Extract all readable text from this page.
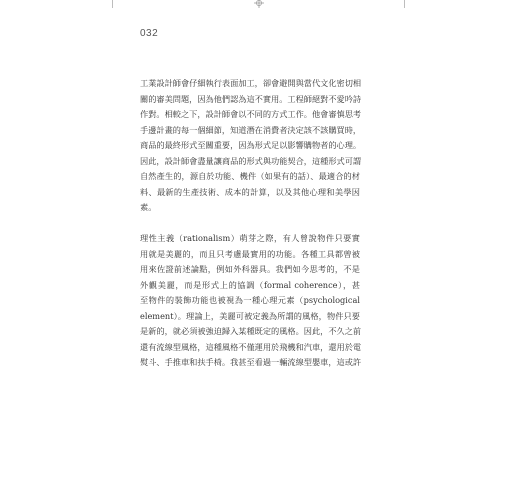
032
工業設計師會仔細執行表面加工，卻會避開與當代文化密切相
關的審美問題，因為他們認為這不實用。工程師絕對不愛吟詩
作對。相較之下，設計師會以不同的方式工作。他會審慎思考
手邊計畫的每一個細節，知道潛在消費者決定該不該購買時，
商品的最終形式至關重要，因為形式足以影響購物者的心理。
因此，設計師會盡量讓商品的形式與功能契合，這種形式可謂
自然產生的，源自於功能、機件（如果有的話）、最適合的材
料、最新的生產技術、成本的計算，以及其他心理和美學因
素。
理性主義（rationalism）萌芽之際，有人曾說物件只要實
用就是美麗的，而且只考慮最實用的功能。各種工具都曾被
用來佐證前述論點，例如外科器具。我們如今思考的，不是
外觀美麗，而是形式上的協調（formal coherence），甚
至物件的裝飾功能也被視為一種心理元素（psychological
element）。理論上，美麗可被定義為所謂的風格，物件只要
是新的，就必須被強迫歸入某種既定的風格。因此，不久之前
還有流線型風格，這種風格不僅運用於飛機和汽車，還用於電
熨斗、手推車和扶手椅。我甚至看過一輛流線型嬰車，這或許
